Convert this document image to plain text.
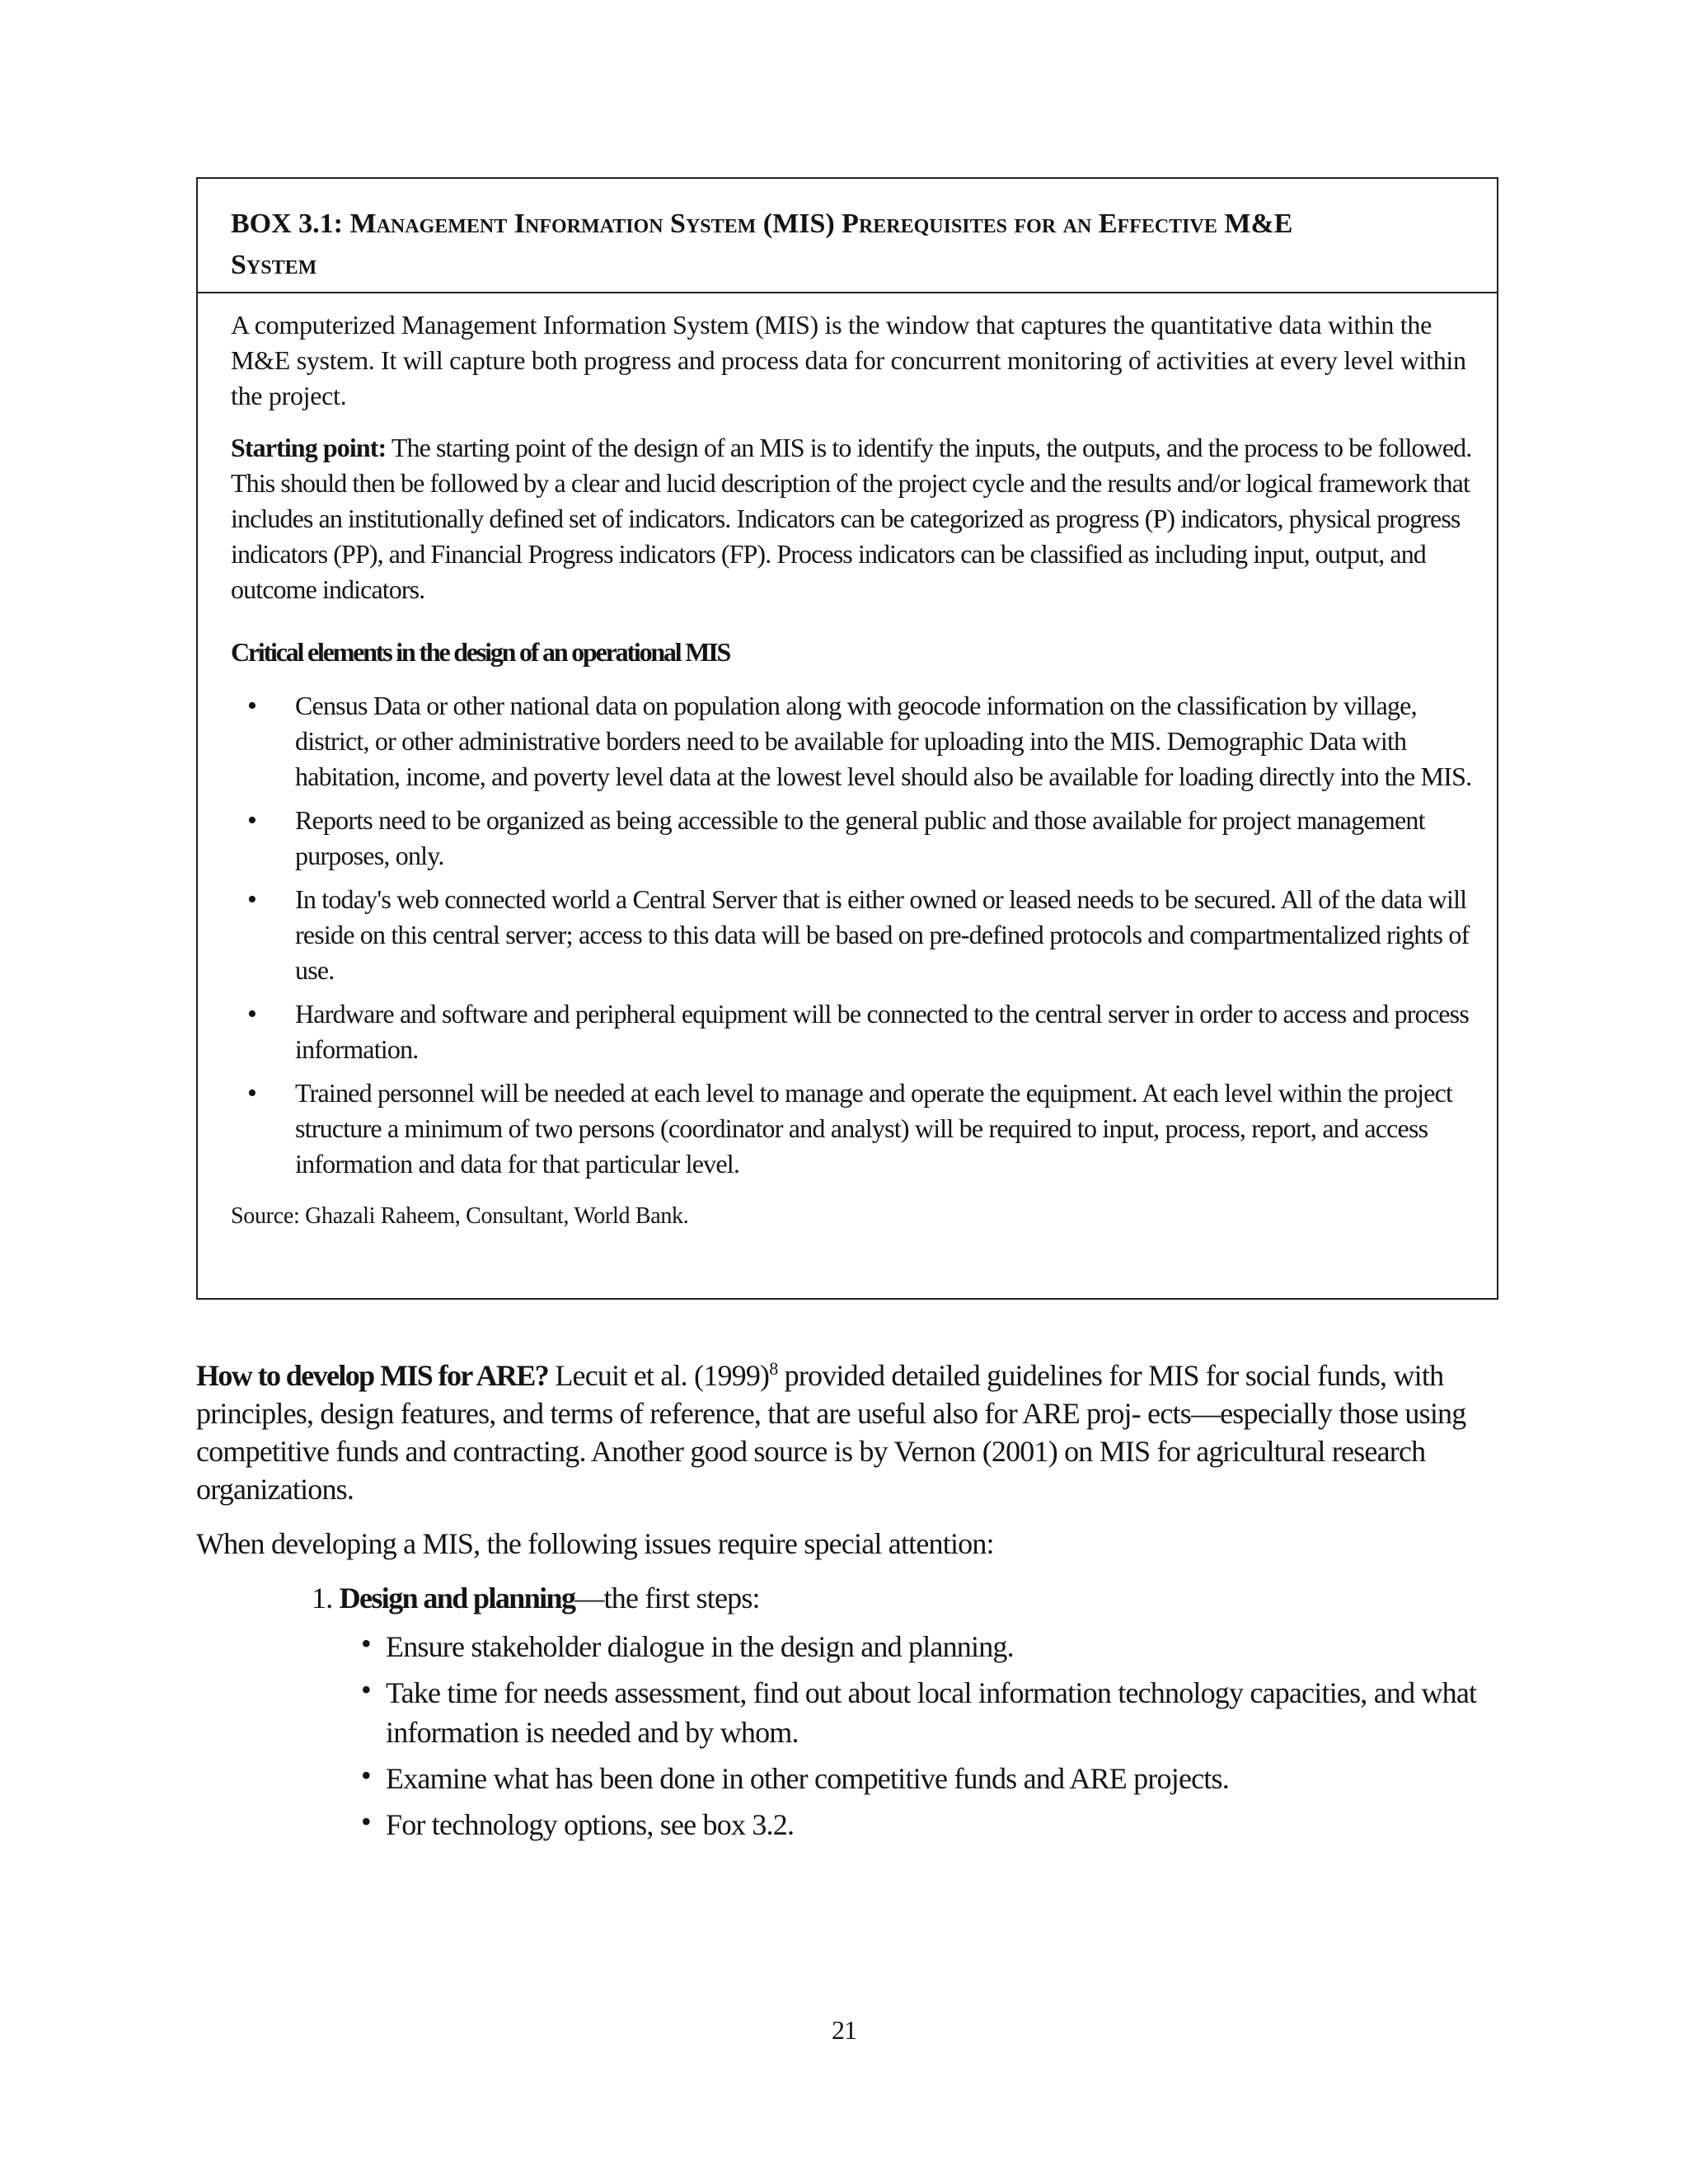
BOX 3.1: Management Information System (MIS) Prerequisites for an Effective M&E System

A computerized Management Information System (MIS) is the window that captures the quantitative data within the M&E system. It will capture both progress and process data for concurrent monitoring of activities at every level within the project.

Starting point: The starting point of the design of an MIS is to identify the inputs, the outputs, and the process to be followed. This should then be followed by a clear and lucid description of the project cycle and the results and/or logical framework that includes an institutionally defined set of indicators. Indicators can be categorized as progress (P) indicators, physical progress indicators (PP), and Financial Progress indicators (FP). Process indicators can be classified as including input, output, and outcome indicators.

Critical elements in the design of an operational MIS
• Census Data or other national data on population along with geocode information on the classification by village, district, or other administrative borders need to be available for uploading into the MIS. Demographic Data with habitation, income, and poverty level data at the lowest level should also be available for loading directly into the MIS.
• Reports need to be organized as being accessible to the general public and those available for project management purposes, only.
• In today's web connected world a Central Server that is either owned or leased needs to be secured. All of the data will reside on this central server; access to this data will be based on pre-defined protocols and compartmentalized rights of use.
• Hardware and software and peripheral equipment will be connected to the central server in order to access and process information.
• Trained personnel will be needed at each level to manage and operate the equipment. At each level within the project structure a minimum of two persons (coordinator and analyst) will be required to input, process, report, and access information and data for that particular level.
Source: Ghazali Raheem, Consultant, World Bank.

How to develop MIS for ARE? Lecuit et al. $(1999)^8$ provided detailed guidelines for MIS for social funds, with principles, design features, and terms of reference, that are useful also for ARE proj- ects—especially those using competitive funds and contracting. Another good source is by Vernon (2001) on MIS for agricultural research organizations.

When developing a MIS, the following issues require special attention:

1. Design and planning—the first steps:
• Ensure stakeholder dialogue in the design and planning.
• Take time for needs assessment, find out about local information technology capacities, and what information is needed and by whom.
• Examine what has been done in other competitive funds and ARE projects.
• For technology options, see box 3.2.
21
